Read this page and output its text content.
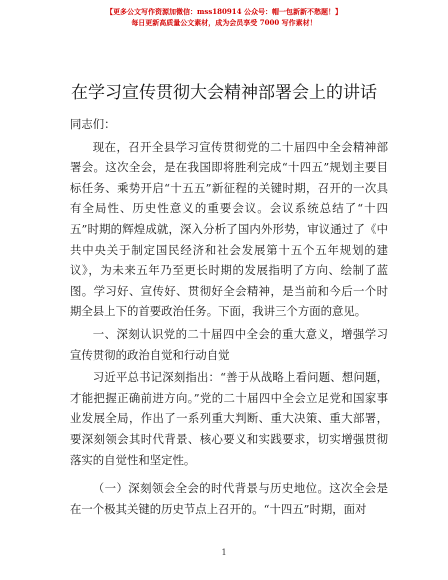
【更多公文写作资源加微信：mss180914 公众号：帽一包新新不愁题！】
每日更新高质量公文素材，成为会员享受 7000 写作素材！
在学习宣传贯彻大会精神部署会上的讲话

同志们：

现在，召开全县学习宣传贯彻党的二十届四中全会精神部署会。这次全会，是在我国即将胜利完成“十四五”规划主要目标任务、乘势开启“十五五”新征程的关键时期，召开的一次具有全局性、历史性意义的重要会议。会议系统总结了“十四五”时期的辉煌成就，深入分析了国内外形势，审议通过了《中共中央关于制定国民经济和社会发展第十五个五年规划的建议》，为未来五年乃至更长时期的发展指明了方向、绘制了蓝图。学习好、宣传好、贯彻好全会精神，是当前和今后一个时期全县上下的首要政治任务。下面，我讲三个方面的意见。

一、深刻认识党的二十届四中全会的重大意义，增强学习宣传贯彻的政治自觉和行动自觉

习近平总书记深刻指出：“善于从战略上看问题、想问题，才能把握正确前进方向。”党的二十届四中全会立足党和国家事业发展全局，作出了一系列重大判断、重大决策、重大部署，要深刻领会其时代背景、核心要义和实践要求，切实增强贯彻落实的自觉性和坚定性。

（一）深刻领会全会的时代背景与历史地位。这次全会是在一个极其关键的历史节点上召开的。“十四五”时期，面对

1
